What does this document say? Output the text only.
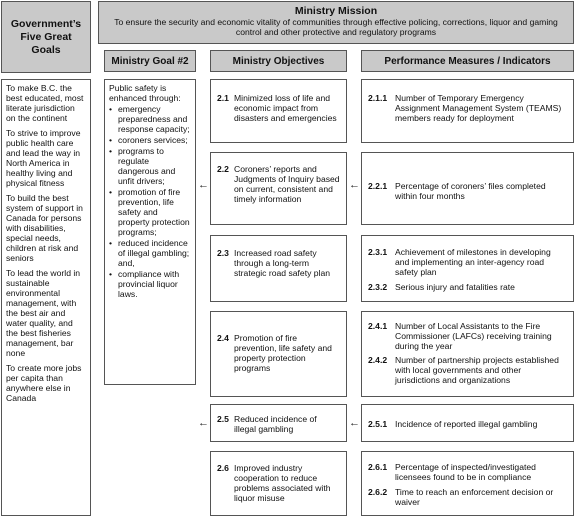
Government’s Five Great Goals
To make B.C. the best educated, most literate jurisdiction on the continent
To strive to improve public health care and lead the way in North America in healthy living and physical fitness
To build the best system of support in Canada for persons with disabilities, special needs, children at risk and seniors
To lead the world in sustainable environmental management, with the best air and water quality, and the best fisheries management, bar none
To create more jobs per capita than anywhere else in Canada
Ministry Mission
To ensure the security and economic vitality of communities through effective policing, corrections, liquor and gaming control and other protective and regulatory programs
Ministry Goal #2	Ministry Objectives	Performance Measures / Indicators
Public safety is enhanced through:
• emergency preparedness and response capacity;
• coroners services;
• programs to regulate dangerous and unfit drivers;
• promotion of fire prevention, life safety and property protection programs;
• reduced incidence of illegal gambling; and,
• compliance with provincial liquor laws.
←
←
2.1 Minimized loss of life and economic impact from disasters and emergencies
2.2 Coroners’ reports and Judgments of Inquiry based on current, consistent and timely information
2.3 Increased road safety through a long-term strategic road safety plan
2.4 Promotion of fire prevention, life safety and property protection programs
2.5 Reduced incidence of illegal gambling
2.6 Improved industry cooperation to reduce problems associated with liquor misuse
←
←
2.1.1 Number of Temporary Emergency Assignment Management System (TEAMS) members ready for deployment
2.2.1 Percentage of coroners’ files completed within four months
2.3.1 Achievement of milestones in developing and implementing an inter-agency road safety plan
2.3.2 Serious injury and fatalities rate
2.4.1 Number of Local Assistants to the Fire Commissioner (LAFCs) receiving training during the year
2.4.2 Number of partnership projects established with local governments and other jurisdictions and organizations
2.5.1 Incidence of reported illegal gambling
2.6.1 Percentage of inspected/investigated licensees found to be in compliance
2.6.2 Time to reach an enforcement decision or waiver
